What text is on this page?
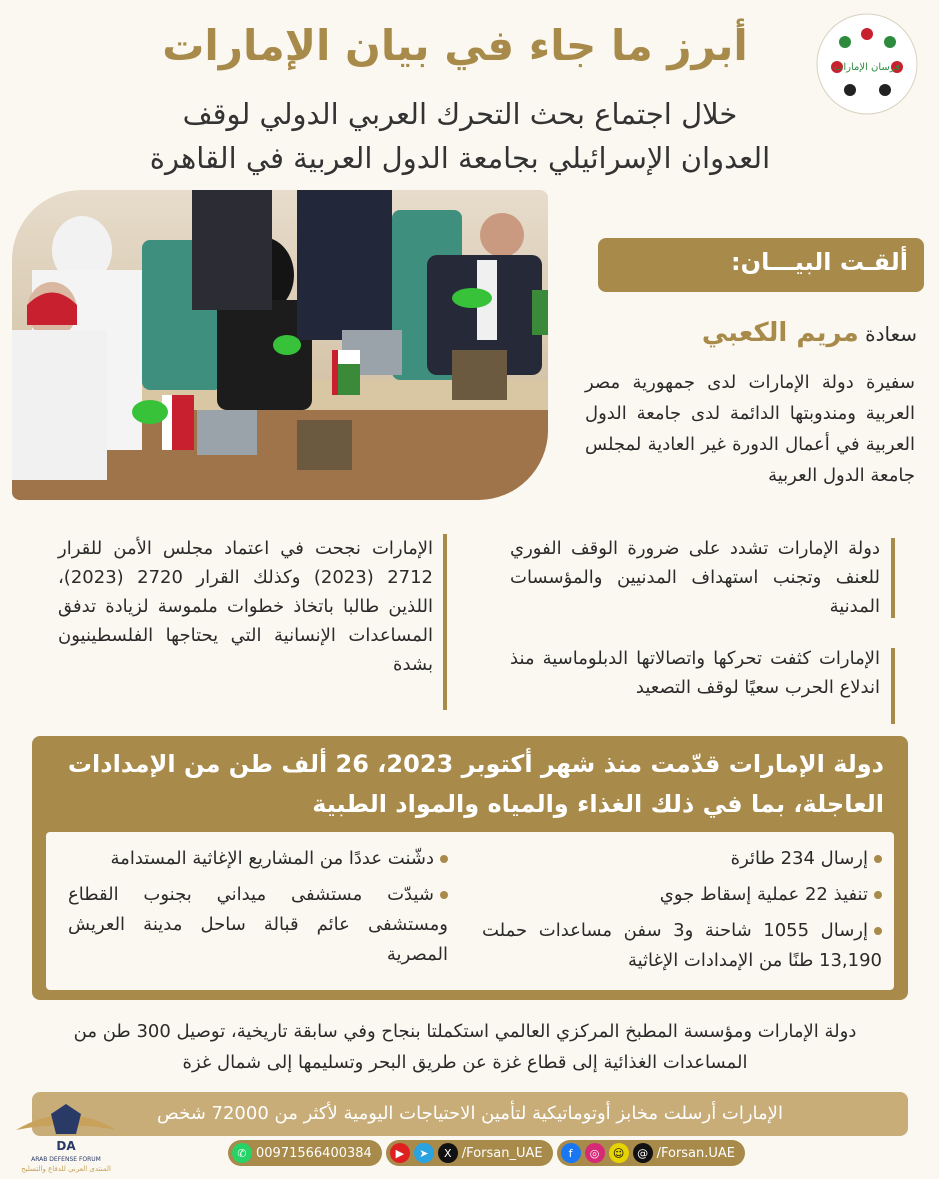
أبرز ما جاء في بيان الإمارات
خلال اجتماع بحث التحرك العربي الدولي لوقف
العدوان الإسرائيلي بجامعة الدول العربية في القاهرة
فرسان الإمارات
ألقـت البيـــان:
سعادة مريم الكعبي
سفيرة دولة الإمارات لدى جمهورية مصر العربية ومندوبتها الدائمة لدى جامعة الدول العربية في أعمال الدورة غير العادية لمجلس جامعة الدول العربية
دولة الإمارات تشدد على ضرورة الوقف الفوري للعنف وتجنب استهداف المدنيين والمؤسسات المدنية
الإمارات كثفت تحركها واتصالاتها الدبلوماسية منذ اندلاع الحرب سعيًا لوقف التصعيد
الإمارات نجحت في اعتماد مجلس الأمن للقرار 2712 (2023) وكذلك القرار 2720 (2023)، اللذين طالبا باتخاذ خطوات ملموسة لزيادة تدفق المساعدات الإنسانية التي يحتاجها الفلسطينيون بشدة
دولة الإمارات قدّمت منذ شهر أكتوبر 2023، 26 ألف طن من الإمدادات العاجلة، بما في ذلك الغذاء والمياه والمواد الطبية
إرسال 234 طائرة
تنفيذ 22 عملية إسقاط جوي
إرسال 1055 شاحنة و3 سفن مساعدات حملت 13,190 طنًا من الإمدادات الإغاثية
دشّنت عددًا من المشاريع الإغاثية المستدامة
شيدّت مستشفى ميداني بجنوب القطاع ومستشفى عائم قبالة ساحل مدينة العريش المصرية
دولة الإمارات ومؤسسة المطبخ المركزي العالمي استكملتا بنجاح وفي سابقة تاريخية، توصيل 300 طن من المساعدات الغذائية إلى قطاع غزة عن طريق البحر وتسليمها إلى شمال غزة
الإمارات أرسلت مخابز أوتوماتيكية لتأمين الاحتياجات اليومية لأكثر من 72000 شخص
DA
ARAB DEFENSE FORUM
المنتدى العربي للدفاع والتسليح
✆ 00971566400384	▶	➤	X /Forsan_UAE	f	◎	☺	@ /Forsan.UAE
